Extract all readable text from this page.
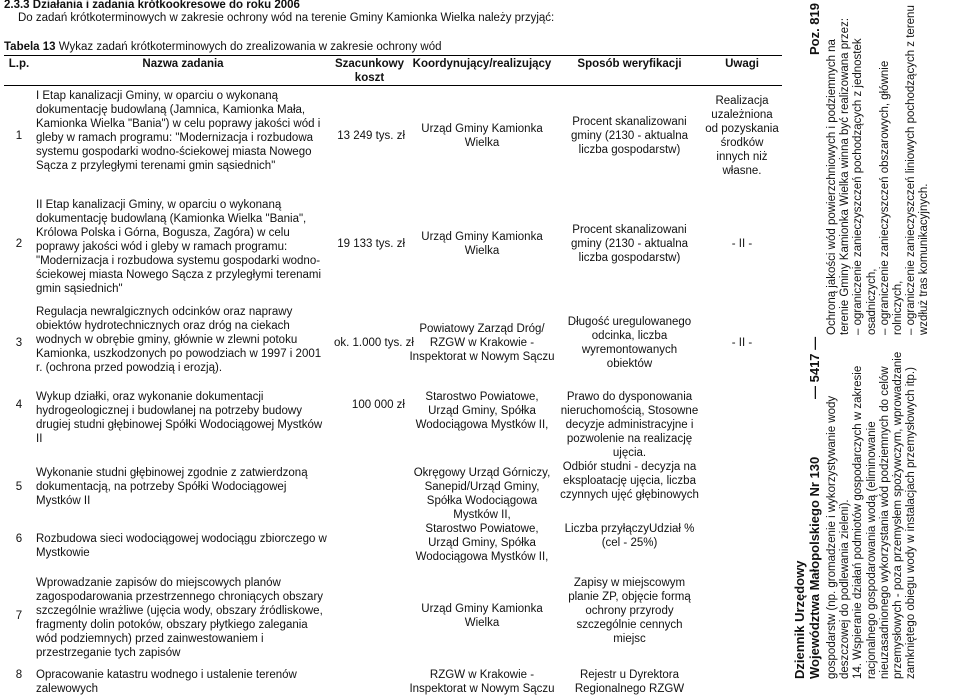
2.3.3 Działania i zadania krótkookresowe do roku 2006
Do zadań krótkoterminowych w zakresie ochrony wód na terenie Gminy Kamionka Wielka należy przyjąć:
Tabela 13 Wykaz zadań krótkoterminowych do zrealizowania w zakresie ochrony wód
L.p.	Nazwa zadania	Szacunkowy koszt	Koordynujący/realizujący	Sposób weryfikacji	Uwagi
1	I Etap kanalizacji Gminy, w oparciu o wykonaną dokumentację budowlaną (Jamnica, Kamionka Mała, Kamionka Wielka "Bania") w celu poprawy jakości wód i gleby w ramach programu: "Modernizacja i rozbudowa systemu gospodarki wodno-ściekowej miasta Nowego Sącza z przyległymi terenami gmin sąsiednich"	13 249 tys. zł	Urząd Gminy Kamionka Wielka	Procent skanalizowani gminy (2130 - aktualna liczba gospodarstw)	Realizacja uzależniona od pozyskania środków innych niż własne.
2	II Etap kanalizacji Gminy, w oparciu o wykonaną dokumentację budowlaną (Kamionka Wielka "Bania", Królowa Polska i Górna, Bogusza, Zagóra) w celu poprawy jakości wód i gleby w ramach programu: "Modernizacja i rozbudowa systemu gospodarki wodno-ściekowej miasta Nowego Sącza z przyległymi terenami gmin sąsiednich"	19 133 tys. zł	Urząd Gminy Kamionka Wielka	Procent skanalizowani gminy (2130 - aktualna liczba gospodarstw)	- II -
3	Regulacja newralgicznych odcinków oraz naprawy obiektów hydrotechnicznych oraz dróg na ciekach wodnych w obrębie gminy, głównie w zlewni potoku Kamionka, uszkodzonych po powodziach w 1997 i 2001 r. (ochrona przed powodzią i erozją).	ok. 1.000 tys. zł	Powiatowy Zarząd Dróg/ RZGW w Krakowie - Inspektorat w Nowym Sączu	Długość uregulowanego odcinka, liczba wyremontowanych obiektów	- II -
4	Wykup działki, oraz wykonanie dokumentacji hydrogeologicznej i budowlanej na potrzeby budowy drugiej studni głębinowej Spółki Wodociągowej Mystków II	100 000 zł	Starostwo Powiatowe, Urząd Gminy, Spółka Wodociągowa Mystków II,	Prawo do dysponowania nieruchomością, Stosowne decyzje administracyjne i pozwolenie na realizację ujęcia.	
5	Wykonanie studni głębinowej zgodnie z zatwierdzoną dokumentacją, na potrzeby Spółki Wodociągowej Mystków II		Okręgowy Urząd Górniczy, Sanepid/Urząd Gminy, Spółka Wodociągowa Mystków II,	Odbiór studni - decyzja na eksploatację ujęcia, liczba czynnych ujęć głębinowych	
6	Rozbudowa sieci wodociągowej wodociągu zbiorczego w Mystkowie		Starostwo Powiatowe, Urząd Gminy, Spółka Wodociągowa Mystków II,	Liczba przyłączyUdział % (cel - 25%)	
7	Wprowadzanie zapisów do miejscowych planów zagospodarowania przestrzennego chroniących obszary szczególnie wrażliwe (ujęcia wody, obszary źródliskowe, fragmenty dolin potoków, obszary płytkiego zalegania wód podziemnych) przed zainwestowaniem i przestrzeganie tych zapisów		Urząd Gminy Kamionka Wielka	Zapisy w miejscowym planie ZP, objęcie formą ochrony przyrody szczególnie cennych miejsc	
8	Opracowanie katastru wodnego i ustalenie terenów zalewowych		RZGW w Krakowie - Inspektorat w Nowym Sączu	Rejestr u Dyrektora Regionalnego RZGW	
Dziennik Urzędowy Województwa Małopolskiego Nr 130
— 5417 —
Poz. 819

gospodarstw (np. gromadzenie i wykorzystywanie wody deszczowej do podlewania zieleni). 14. Wspieranie działań podmiotów gospodarczych w zakresie racjonalnego gospodarowania wodą (eliminowanie nieuzasadnionego wykorzystania wód podziemnych do celów przemysłowych - poza przemysłem spożywczym, wprowadzanie zamkniętego obiegu wody w instalacjach przemysłowych itp.)

Ochroną jakości wód powierzchniowych i podziemnych na terenie Gminy Kamionka Wielka winna być realizowana przez: – ograniczenie zanieczyszczeń pochodzących z jednostek osadniczych, – ograniczenie zanieczyszczeń obszarowych, głównie rolniczych, – ograniczenie zanieczyszczeń liniowych pochodzących z terenu wzdłuż tras komunikacyjnych.
